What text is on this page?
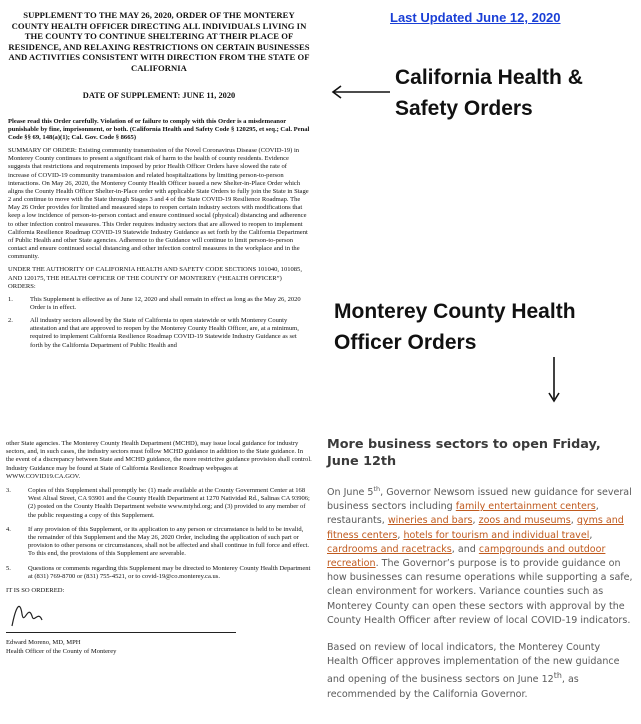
SUPPLEMENT TO THE MAY 26, 2020, ORDER OF THE MONTEREY COUNTY HEALTH OFFICER DIRECTING ALL INDIVIDUALS LIVING IN THE COUNTY TO CONTINUE SHELTERING AT THEIR PLACE OF RESIDENCE, AND RELAXING RESTRICTIONS ON CERTAIN BUSINESSES AND ACTIVITIES CONSISTENT WITH DIRECTION FROM THE STATE OF CALIFORNIA
DATE OF SUPPLEMENT: JUNE 11, 2020
Please read this Order carefully. Violation of or failure to comply with this Order is a misdemeanor punishable by fine, imprisonment, or both. (California Health and Safety Code § 120295, et seq.; Cal. Penal Code §§ 69, 148(a)(1); Cal. Gov. Code § 8665)

SUMMARY OF ORDER: Existing community transmission of the Novel Coronavirus Disease (COVID-19) in Monterey County continues to present a significant risk of harm to the health of county residents. Evidence suggests that restrictions and requirements imposed by prior Health Officer Orders have slowed the rate of increase of COVID-19 community transmission and related hospitalizations by limiting person-to-person interactions. On May 26, 2020, the Monterey County Health Officer issued a new Shelter-in-Place Order which aligns the County Health Officer Shelter-in-Place order with applicable State Orders to fully join the State in Stage 2 and continue to move with the State through Stages 3 and 4 of the State COVID-19 Resilience Roadmap. The May 26 Order provides for limited and measured steps to reopen certain industry sectors with modifications that keep a low incidence of person-to-person contact and ensure continued social (physical) distancing and adherence to other infection control measures. This Order requires industry sectors that are allowed to reopen to implement California Resilience Roadmap COVID-19 Statewide Industry Guidance as set forth by the California Department of Public Health and other State agencies. Adherence to the Guidance will continue to limit person-to-person contact and ensure continued social distancing and other infection control measures in the workplace and in the community.

UNDER THE AUTHORITY OF CALIFORNIA HEALTH AND SAFETY CODE SECTIONS 101040, 101085, AND 120175, THE HEALTH OFFICER OF THE COUNTY OF MONTEREY (“HEALTH OFFICER”) ORDERS:

1.	This Supplement is effective as of June 12, 2020 and shall remain in effect as long as the May 26, 2020 Order is in effect.
2.	All industry sectors allowed by the State of California to open statewide or with Monterey County attestation and that are approved to reopen by the Monterey County Health Officer, are, at a minimum, required to implement California Resilience Roadmap COVID-19 Statewide Industry Guidance as set forth by the California Department of Public Health and
other State agencies. The Monterey County Health Department (MCHD), may issue local guidance for industry sectors, and, in such cases, the industry sectors must follow MCHD guidance in addition to the State guidance. In the event of a discrepancy between State and MCHD guidance, the more restrictive guidance provision shall control. Industry Guidance may be found at State of California Resilience Roadmap webpages at WWW.COVID19.CA.GOV.
3.	Copies of this Supplement shall promptly be: (1) made available at the County Government Center at 168 West Alisal Street, CA 93901 and the County Health Department at 1270 Natividad Rd., Salinas CA 93906; (2) posted on the County Health Department website www.mtyhd.org; and (3) provided to any member of the public requesting a copy of this Supplement.
4.	If any provision of this Supplement, or its application to any person or circumstance is held to be invalid, the remainder of this Supplement and the May 26, 2020 Order, including the application of such part or provision to other persons or circumstances, shall not be affected and shall continue in full force and effect. To this end, the provisions of this Supplement are severable.
5.	Questions or comments regarding this Supplement may be directed to Monterey County Health Department at (831) 769-8700 or (831) 755-4521, or to covid-19@co.monterey.ca.us.
IT IS SO ORDERED:
Edward Moreno, MD, MPH
Health Officer of the County of Monterey
Last Updated June 12, 2020
California Health & Safety Orders
Monterey County Health Officer Orders
More business sectors to open Friday, June 12th
On June 5th, Governor Newsom issued new guidance for several business sectors including family entertainment centers, restaurants, wineries and bars, zoos and museums, gyms and fitness centers, hotels for tourism and individual travel, cardrooms and racetracks, and campgrounds and outdoor recreation. The Governor’s purpose is to provide guidance on how businesses can resume operations while supporting a safe, clean environment for workers. Variance counties such as Monterey County can open these sectors with approval by the County Health Officer after review of local COVID-19 indicators.
Based on review of local indicators, the Monterey County Health Officer approves implementation of the new guidance and opening of the business sectors on June 12th, as recommended by the California Governor.
